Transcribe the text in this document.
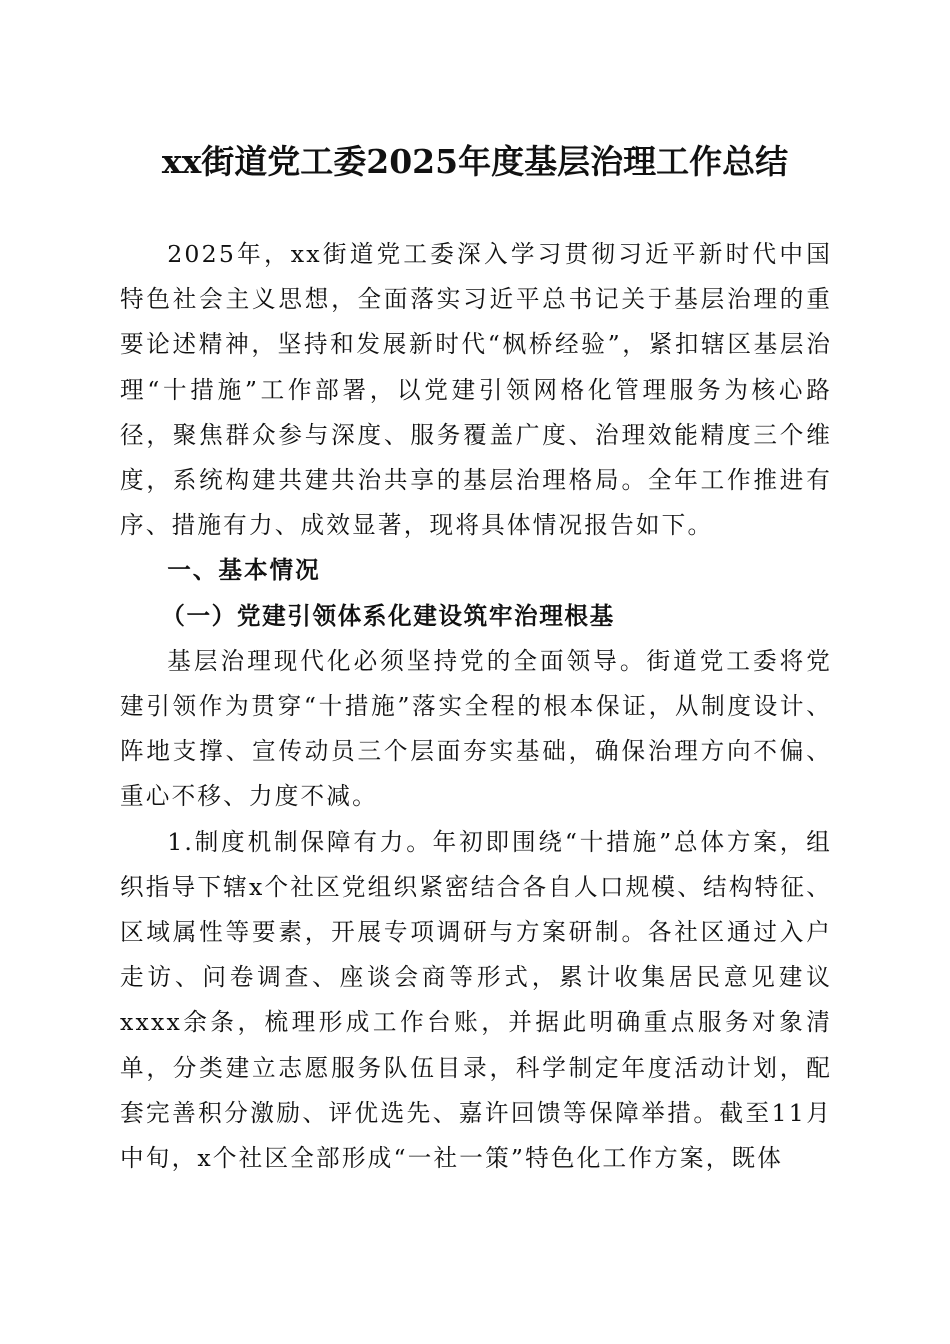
xx街道党工委2025年度基层治理工作总结

2025年，xx街道党工委深入学习贯彻习近平新时代中国特色社会主义思想，全面落实习近平总书记关于基层治理的重要论述精神，坚持和发展新时代“枫桥经验”，紧扣辖区基层治理“十措施”工作部署，以党建引领网格化管理服务为核心路径，聚焦群众参与深度、服务覆盖广度、治理效能精度三个维度，系统构建共建共治共享的基层治理格局。全年工作推进有序、措施有力、成效显著，现将具体情况报告如下。

一、基本情况

（一）党建引领体系化建设筑牢治理根基

基层治理现代化必须坚持党的全面领导。街道党工委将党建引领作为贯穿“十措施”落实全程的根本保证，从制度设计、阵地支撑、宣传动员三个层面夯实基础，确保治理方向不偏、重心不移、力度不减。

1.制度机制保障有力。年初即围绕“十措施”总体方案，组织指导下辖x个社区党组织紧密结合各自人口规模、结构特征、区域属性等要素，开展专项调研与方案研制。各社区通过入户走访、问卷调查、座谈会商等形式，累计收集居民意见建议xxxx余条，梳理形成工作台账，并据此明确重点服务对象清单，分类建立志愿服务队伍目录，科学制定年度活动计划，配套完善积分激励、评优选先、嘉许回馈等保障举措。截至11月中旬，x个社区全部形成“一社一策”特色化工作方案，既体
